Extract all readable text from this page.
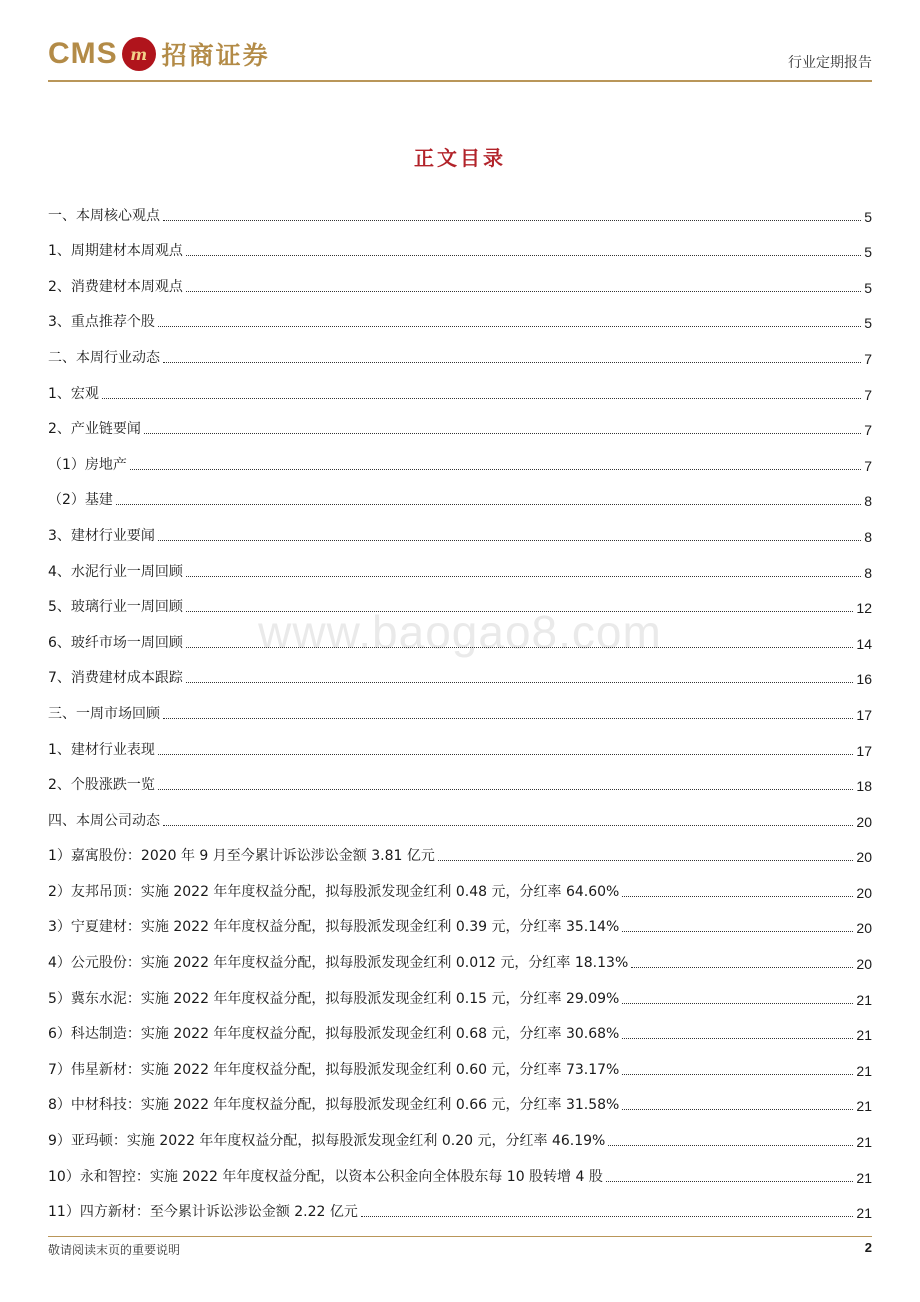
CMS m 招商证券	行业定期报告
正文目录
www.baogao8.com
一、本周核心观点	5
1、周期建材本周观点	5
2、消费建材本周观点	5
3、重点推荐个股	5
二、本周行业动态	7
1、宏观	7
2、产业链要闻	7
（1）房地产	7
（2）基建	8
3、建材行业要闻	8
4、水泥行业一周回顾	8
5、玻璃行业一周回顾	12
6、玻纤市场一周回顾	14
7、消费建材成本跟踪	16
三、一周市场回顾	17
1、建材行业表现	17
2、个股涨跌一览	18
四、本周公司动态	20
1）嘉寓股份：2020 年 9 月至今累计诉讼涉讼金额 3.81 亿元	20
2）友邦吊顶：实施 2022 年年度权益分配，拟每股派发现金红利 0.48 元，分红率 64.60%	20
3）宁夏建材：实施 2022 年年度权益分配，拟每股派发现金红利 0.39 元，分红率 35.14%	20
4）公元股份：实施 2022 年年度权益分配，拟每股派发现金红利 0.012 元，分红率 18.13%	20
5）冀东水泥：实施 2022 年年度权益分配，拟每股派发现金红利 0.15 元，分红率 29.09%	21
6）科达制造：实施 2022 年年度权益分配，拟每股派发现金红利 0.68 元，分红率 30.68%	21
7）伟星新材：实施 2022 年年度权益分配，拟每股派发现金红利 0.60 元，分红率 73.17%	21
8）中材科技：实施 2022 年年度权益分配，拟每股派发现金红利 0.66 元，分红率 31.58%	21
9）亚玛顿：实施 2022 年年度权益分配，拟每股派发现金红利 0.20 元，分红率 46.19%	21
10）永和智控：实施 2022 年年度权益分配，以资本公积金向全体股东每 10 股转增 4 股	21
11）四方新材：至今累计诉讼涉讼金额 2.22 亿元	21
敬请阅读末页的重要说明	2
